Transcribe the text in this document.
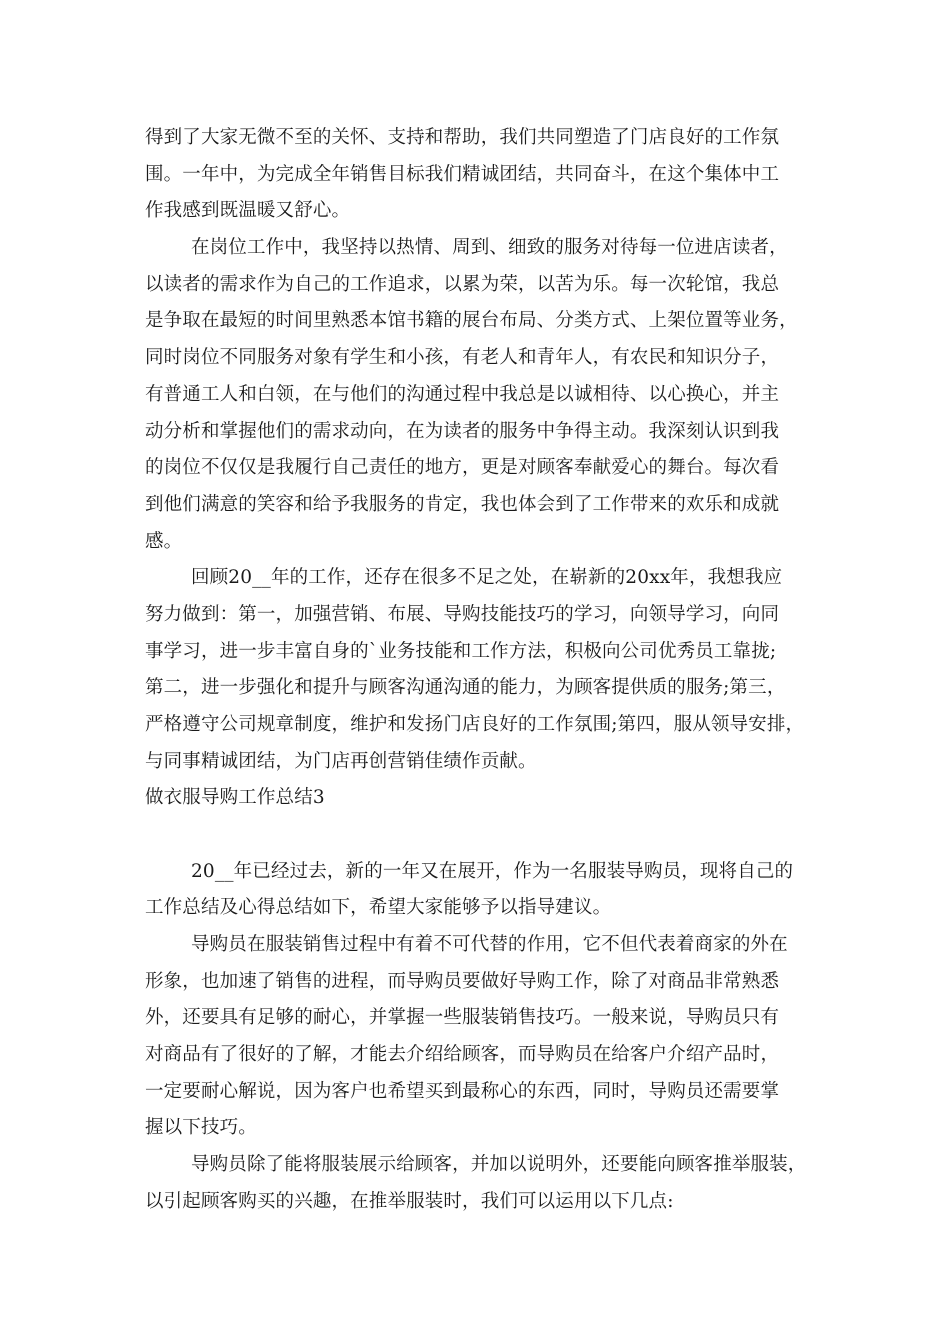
得到了大家无微不至的关怀、支持和帮助，我们共同塑造了门店良好的工作氛
围。一年中，为完成全年销售目标我们精诚团结，共同奋斗，在这个集体中工
作我感到既温暖又舒心。
在岗位工作中，我坚持以热情、周到、细致的服务对待每一位进店读者，
以读者的需求作为自己的工作追求，以累为荣，以苦为乐。每一次轮馆，我总
是争取在最短的时间里熟悉本馆书籍的展台布局、分类方式、上架位置等业务，
同时岗位不同服务对象有学生和小孩，有老人和青年人，有农民和知识分子，
有普通工人和白领，在与他们的沟通过程中我总是以诚相待、以心换心，并主
动分析和掌握他们的需求动向，在为读者的服务中争得主动。我深刻认识到我
的岗位不仅仅是我履行自己责任的地方，更是对顾客奉献爱心的舞台。每次看
到他们满意的笑容和给予我服务的肯定，我也体会到了工作带来的欢乐和成就
感。
回顾20__年的工作，还存在很多不足之处，在崭新的20xx年，我想我应
努力做到：第一，加强营销、布展、导购技能技巧的学习，向领导学习，向同
事学习，进一步丰富自身的`业务技能和工作方法，积极向公司优秀员工靠拢;
第二，进一步强化和提升与顾客沟通沟通的能力，为顾客提供质的服务;第三，
严格遵守公司规章制度，维护和发扬门店良好的工作氛围;第四，服从领导安排，
与同事精诚团结，为门店再创营销佳绩作贡献。
做衣服导购工作总结3
20__年已经过去，新的一年又在展开，作为一名服装导购员，现将自己的
工作总结及心得总结如下，希望大家能够予以指导建议。
导购员在服装销售过程中有着不可代替的作用，它不但代表着商家的外在
形象，也加速了销售的进程，而导购员要做好导购工作，除了对商品非常熟悉
外，还要具有足够的耐心，并掌握一些服装销售技巧。一般来说，导购员只有
对商品有了很好的了解，才能去介绍给顾客，而导购员在给客户介绍产品时，
一定要耐心解说，因为客户也希望买到最称心的东西，同时，导购员还需要掌
握以下技巧。
导购员除了能将服装展示给顾客，并加以说明外，还要能向顾客推举服装，
以引起顾客购买的兴趣，在推举服装时，我们可以运用以下几点:
